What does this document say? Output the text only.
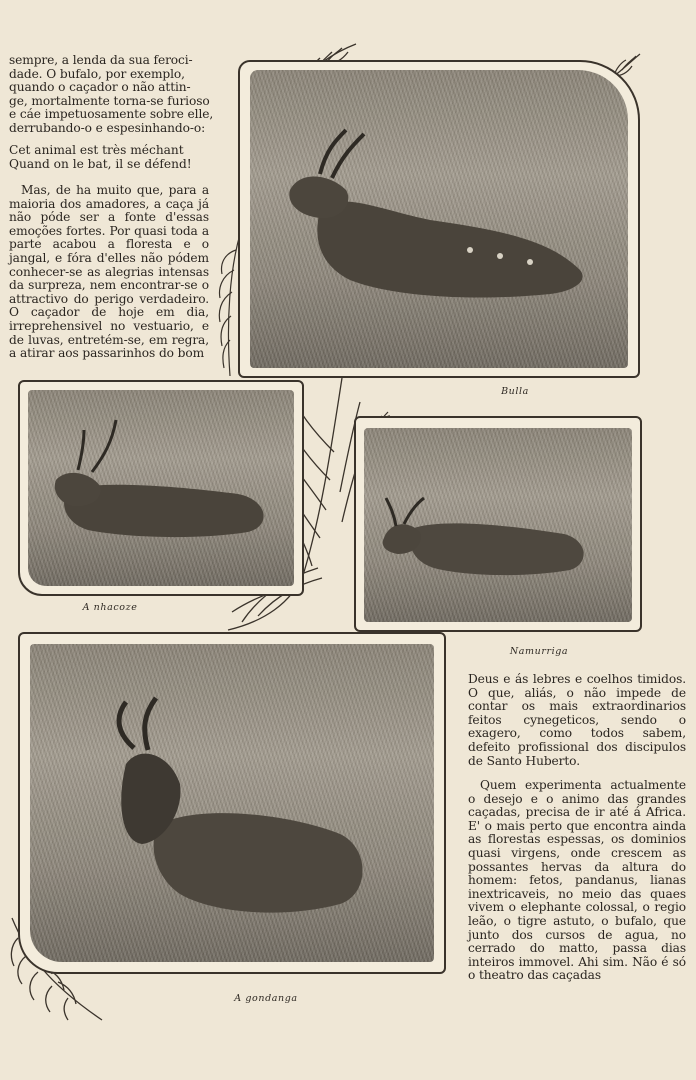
sempre, a lenda da sua feroci-
dade. O bufalo, por exemplo,
quando o caçador o não attin-
ge, mortalmente torna-se furioso
e cáe impetuosamente sobre elle,
derrubando-o e espesinhando-o:

Cet animal est très méchant
Quand on le bat, il se défend!

Mas, de ha muito que, para a maioria dos amadores, a caça já não póde ser a fonte d'essas emoções fortes. Por quasi toda a parte acabou a floresta e o jangal, e fóra d'elles não pódem conhecer-se as alegrias intensas da surpreza, nem encontrar-se o attractivo do perigo verdadeiro. O caçador de hoje em dia, irreprehensivel no vestuario, e de luvas, entretém-se, em regra, a atirar aos passarinhos do bom

Bulla

A nhacoze

Namurriga

A gondanga

Deus e ás lebres e coelhos timidos. O que, aliás, o não impede de contar os mais extraordinarios feitos cynegeticos, sendo o exagero, como todos sabem, defeito profissional dos discipulos de Santo Huberto.

Quem experimenta actualmente o desejo e o animo das grandes caçadas, precisa de ir até á Africa. E' o mais perto que encontra ainda as florestas espessas, os dominios quasi virgens, onde crescem as possantes hervas da altura do homem: fetos, pandanus, lianas inextricaveis, no meio das quaes vivem o elephante colossal, o regio leão, o tigre astuto, o bufalo, que junto dos cursos de agua, no cerrado do matto, passa dias inteiros immovel. Ahi sim. Não é só o theatro das caçadas
